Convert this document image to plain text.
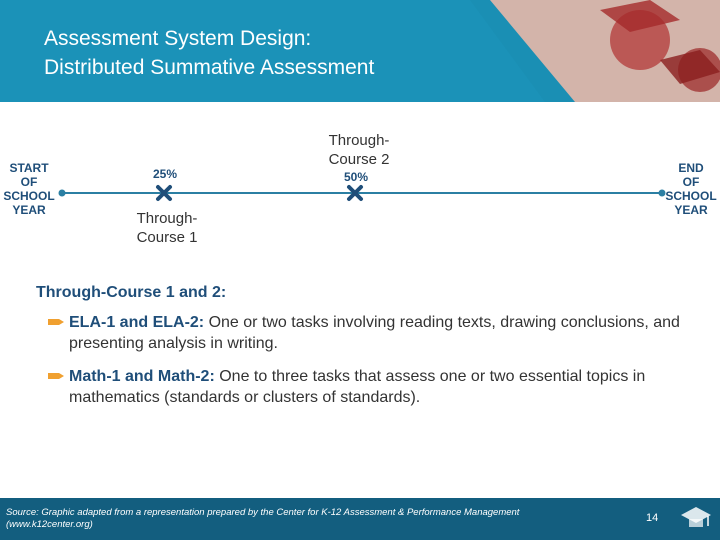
Assessment System Design:
Distributed Summative Assessment
START
OF
SCHOOL
YEAR
END
OF
SCHOOL
YEAR
25%
Through-
Course 1
Through-
Course 2
50%
Through-Course 1 and 2:
ELA-1 and ELA-2: One or two tasks involving reading texts, drawing conclusions, and presenting analysis in writing.
Math-1 and Math-2: One to three tasks that assess one or two essential topics in mathematics (standards or clusters of standards).
Source: Graphic adapted from a representation prepared by the Center for K-12 Assessment & Performance Management (www.k12center.org)
14
